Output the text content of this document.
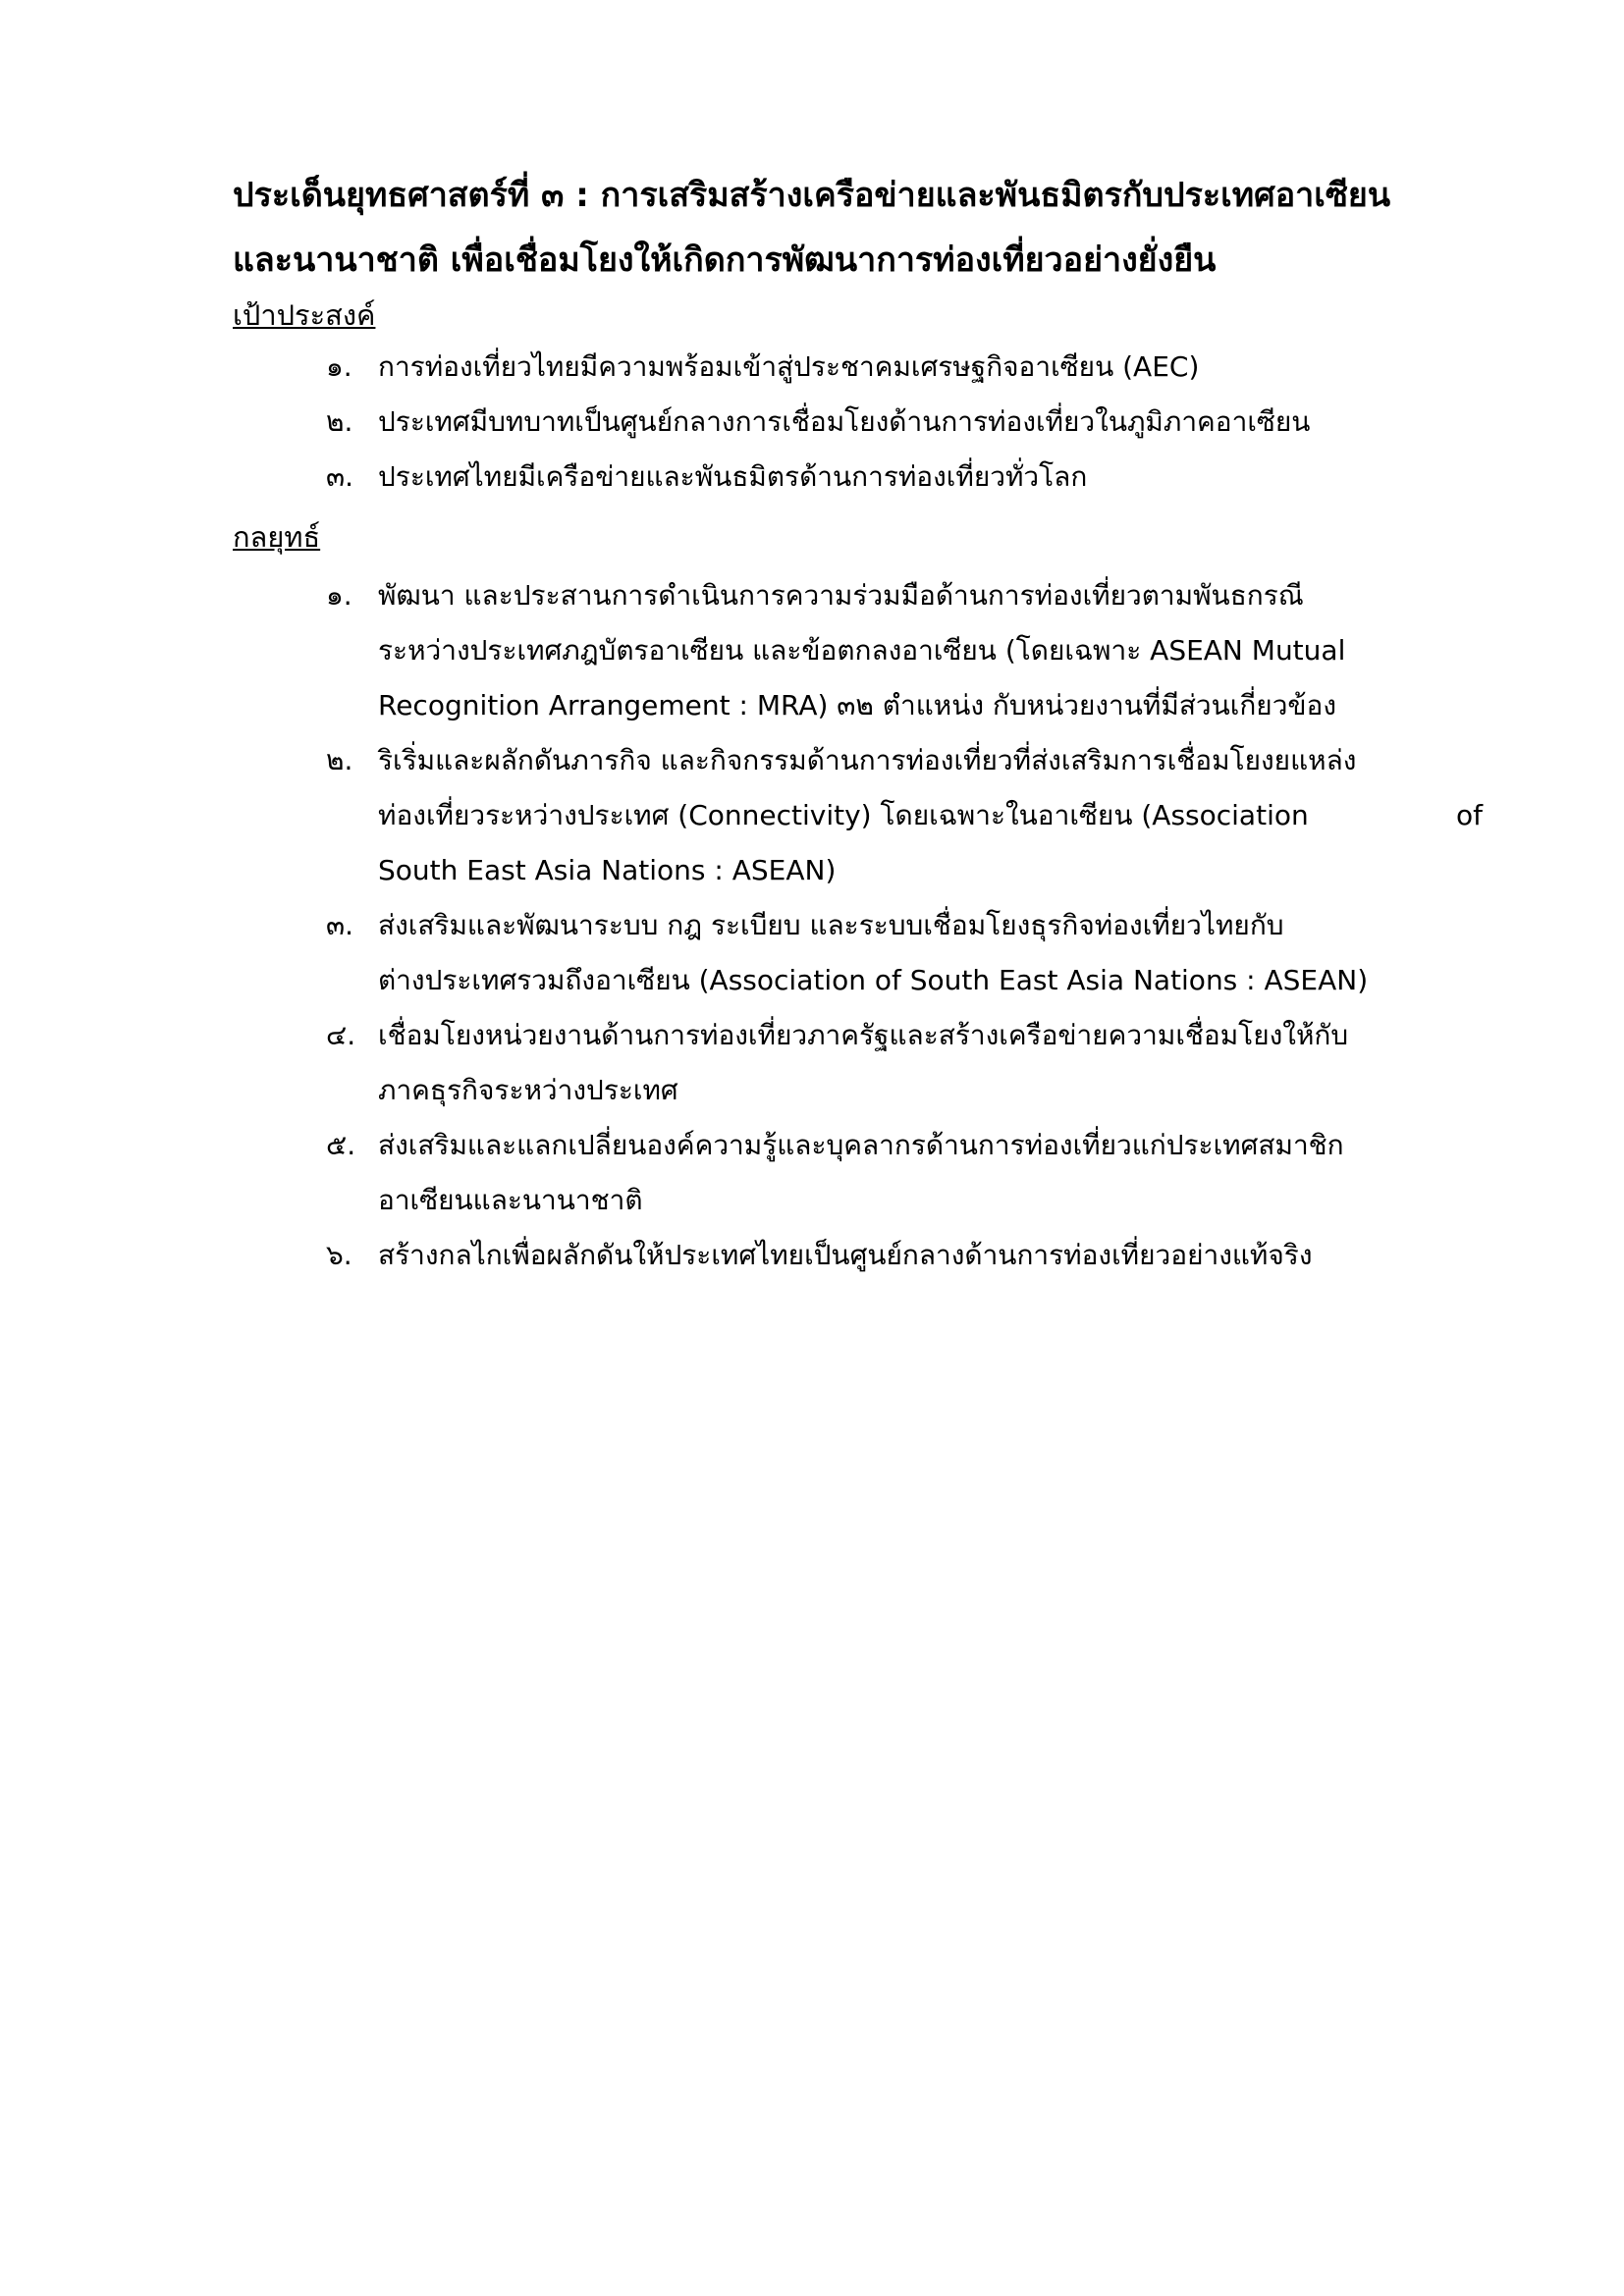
ประเด็นยุทธศาสตร์ที่ ๓ : การเสริมสร้างเครือข่ายและพันธมิตรกับประเทศอาเซียน
และนานาชาติ เพื่อเชื่อมโยงให้เกิดการพัฒนาการท่องเที่ยวอย่างยั่งยืน

เป้าประสงค์

๑. การท่องเที่ยวไทยมีความพร้อมเข้าสู่ประชาคมเศรษฐกิจอาเซียน (AEC)
๒. ประเทศมีบทบาทเป็นศูนย์กลางการเชื่อมโยงด้านการท่องเที่ยวในภูมิภาคอาเซียน
๓. ประเทศไทยมีเครือข่ายและพันธมิตรด้านการท่องเที่ยวทั่วโลก

กลยุทธ์

๑. พัฒนา และประสานการดำเนินการความร่วมมือด้านการท่องเที่ยวตามพันธกรณี
ระหว่างประเทศภฎบัตรอาเซียน และข้อตกลงอาเซียน (โดยเฉพาะ ASEAN Mutual
Recognition Arrangement : MRA) ๓๒ ตำแหน่ง กับหน่วยงานที่มีส่วนเกี่ยวข้อง
๒. ริเริ่มและผลักดันภารกิจ และกิจกรรมด้านการท่องเที่ยวที่ส่งเสริมการเชื่อมโยงยแหล่ง
ท่องเที่ยวระหว่างประเทศ (Connectivity) โดยเฉพาะในอาเซียน (Association	of
South East Asia Nations : ASEAN)
๓. ส่งเสริมและพัฒนาระบบ กฎ ระเบียบ และระบบเชื่อมโยงธุรกิจท่องเที่ยวไทยกับ
ต่างประเทศรวมถึงอาเซียน (Association of South East Asia Nations : ASEAN)
๔. เชื่อมโยงหน่วยงานด้านการท่องเที่ยวภาครัฐและสร้างเครือข่ายความเชื่อมโยงให้กับ
ภาคธุรกิจระหว่างประเทศ
๕. ส่งเสริมและแลกเปลี่ยนองค์ความรู้และบุคลากรด้านการท่องเที่ยวแก่ประเทศสมาชิก
อาเซียนและนานาชาติ
๖. สร้างกลไกเพื่อผลักดันให้ประเทศไทยเป็นศูนย์กลางด้านการท่องเที่ยวอย่างแท้จริง
